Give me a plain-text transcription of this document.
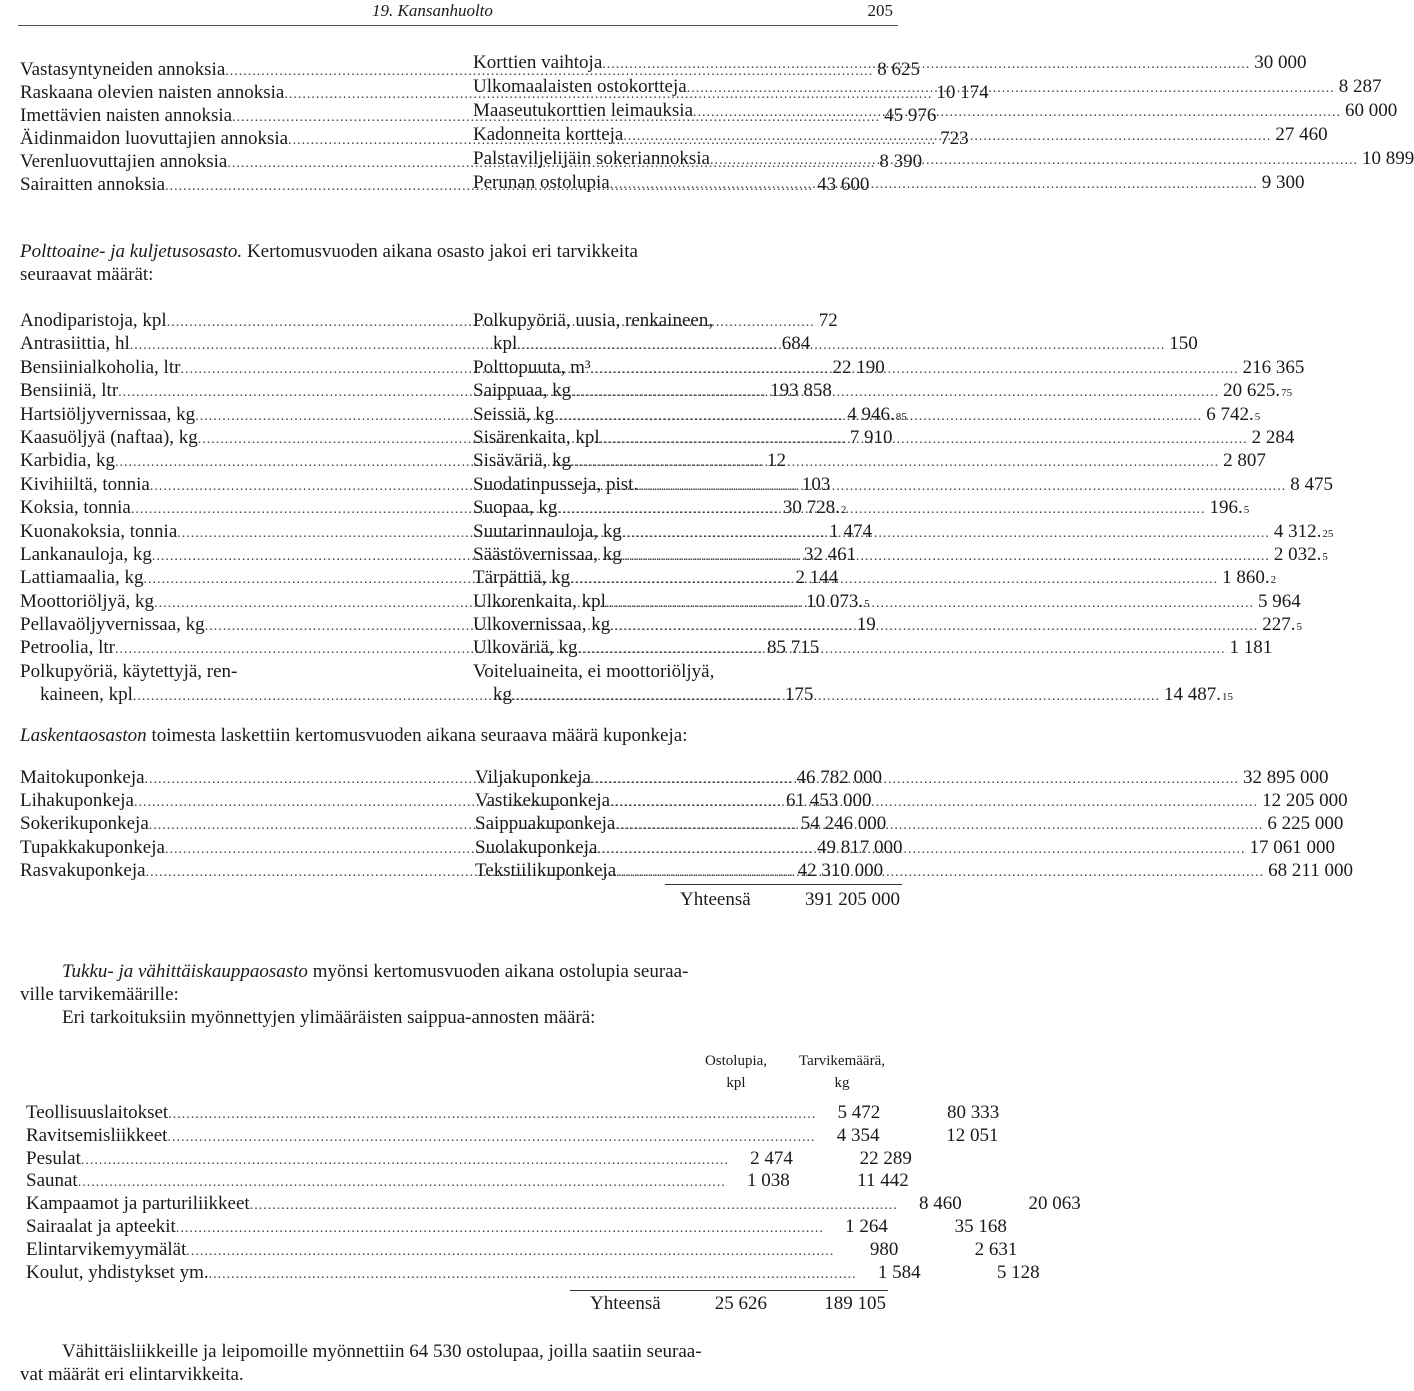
19. Kansanhuolto	205
Vastasyntyneiden annoksia .....	8 625
Raskaana olevien naisten annoksia .....	10 174
Imettävien naisten annoksia .....	45 976
Äidinmaidon luovuttajien annoksia .....	723
Verenluovuttajien annoksia .....	8 390
Sairaitten annoksia .....	43 600
Korttien vaihtoja .....	30 000
Ulkomaalaisten ostokortteja .....	8 287
Maaseutukorttien leimauksia .....	60 000
Kadonneita kortteja .....	27 460
Palstaviljelijäin sokeriannoksia .....	10 899
Perunan ostolupia .....	9 300
Polttoaine- ja kuljetusosasto. Kertomusvuoden aikana osasto jakoi eri tarvikkeita
seuraavat määrät:
Anodiparistoja, kpl .....	72
Antrasiittia, hl .....	684
Bensiinialkoholia, ltr .....	22 190
Bensiiniä, ltr .....	193 858
Hartsiöljyvernissaa, kg .....	4 946.85
Kaasuöljyä (naftaa), kg .....	7 910
Karbidia, kg .....	12
Kivihiiltä, tonnia .....	103
Koksia, tonnia .....	30 728.2
Kuonakoksia, tonnia .....	1 474
Lankanauloja, kg .....	32 461
Lattiamaalia, kg .....	2 144
Moottoriöljyä, kg .....	10 073.5
Pellavaöljyvernissaa, kg .....	19
Petroolia, ltr .....	85 715
Polkupyöriä, käytettyjä, ren-
kaineen, kpl .....	175
Polkupyöriä, uusia, renkaineen,
kpl .....	150
Polttopuuta, m³ .....	216 365
Saippuaa, kg .....	20 625.75
Seissiä, kg .....	6 742.5
Sisärenkaita, kpl .....	2 284
Sisäväriä, kg .....	2 807
Suodatinpusseja, pist. .....	8 475
Suopaa, kg .....	196.5
Suutarinnauloja, kg .....	4 312.25
Säästövernissaa, kg .....	2 032.5
Tärpättiä, kg .....	1 860.2
Ulkorenkaita, kpl .....	5 964
Ulkovernissaa, kg .....	227.5
Ulkoväriä, kg .....	1 181
Voiteluaineita, ei moottoriöljyä,
kg .....	14 487.15
Laskentaosaston toimesta laskettiin kertomusvuoden aikana seuraava määrä kuponkeja:
Maitokuponkeja .....	46 782 000
Lihakuponkeja .....	61 453 000
Sokerikuponkeja .....	54 246 000
Tupakkakuponkeja .....	49 817 000
Rasvakuponkeja .....	42 310 000
Viljakuponkeja .....	32 895 000
Vastikekuponkeja .....	12 205 000
Saippuakuponkeja .....	6 225 000
Suolakuponkeja .....	17 061 000
Tekstiilikuponkeja .....	68 211 000
Yhteensä	391 205 000
Tukku- ja vähittäiskauppaosasto myönsi kertomusvuoden aikana ostolupia seuraa-
ville tarvikemäärille:
Eri tarkoituksiin myönnettyjen ylimääräisten saippua-annosten määrä:
Ostolupia,
kpl
Tarvikemäärä,
kg
Teollisuuslaitokset .....	5 472	80 333
Ravitsemisliikkeet .....	4 354	12 051
Pesulat .....	2 474	22 289
Saunat .....	1 038	11 442
Kampaamot ja parturiliikkeet .....	8 460	20 063
Sairaalat ja apteekit .....	1 264	35 168
Elintarvikemyymälät .....	980	2 631
Koulut, yhdistykset ym. .....	1 584	5 128
Yhteensä	25 626	189 105
Vähittäisliikkeille ja leipomoille myönnettiin 64 530 ostolupaa, joilla saatiin seuraa-
vat määrät eri elintarvikkeita.
